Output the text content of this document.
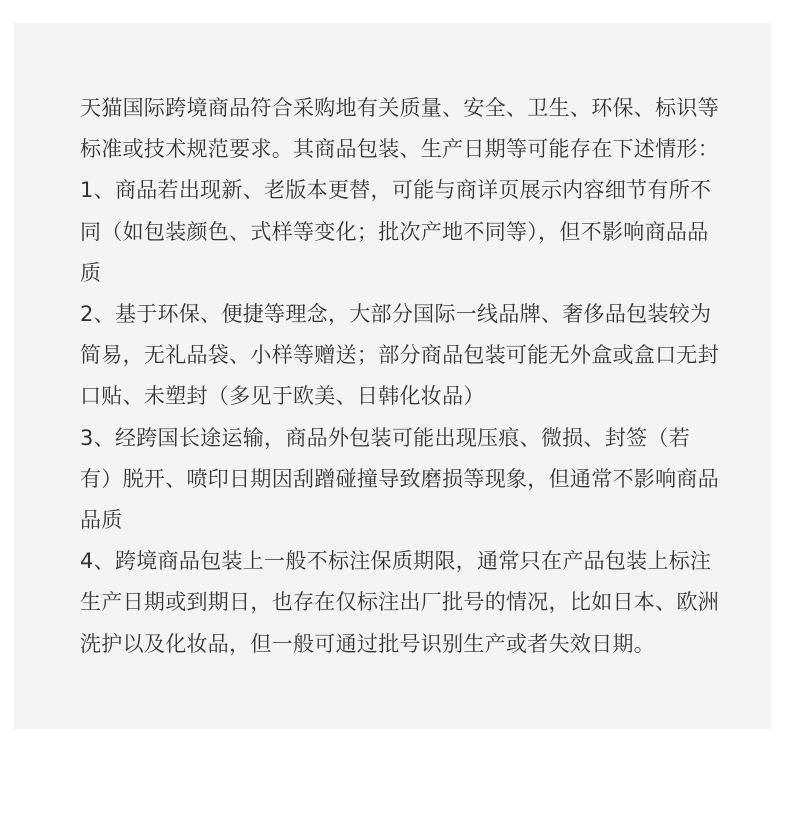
天猫国际跨境商品符合采购地有关质量、安全、卫生、环保、标识等标准或技术规范要求。其商品包装、生产日期等可能存在下述情形：

1、商品若出现新、老版本更替，可能与商详页展示内容细节有所不同（如包装颜色、式样等变化；批次产地不同等），但不影响商品品质

2、基于环保、便捷等理念，大部分国际一线品牌、奢侈品包装较为简易，无礼品袋、小样等赠送；部分商品包装可能无外盒或盒口无封口贴、未塑封（多见于欧美、日韩化妆品）

3、经跨国长途运输，商品外包装可能出现压痕、微损、封签（若有）脱开、喷印日期因刮蹭碰撞导致磨损等现象，但通常不影响商品品质

4、跨境商品包装上一般不标注保质期限，通常只在产品包装上标注生产日期或到期日，也存在仅标注出厂批号的情况，比如日本、欧洲洗护以及化妆品，但一般可通过批号识别生产或者失效日期。
